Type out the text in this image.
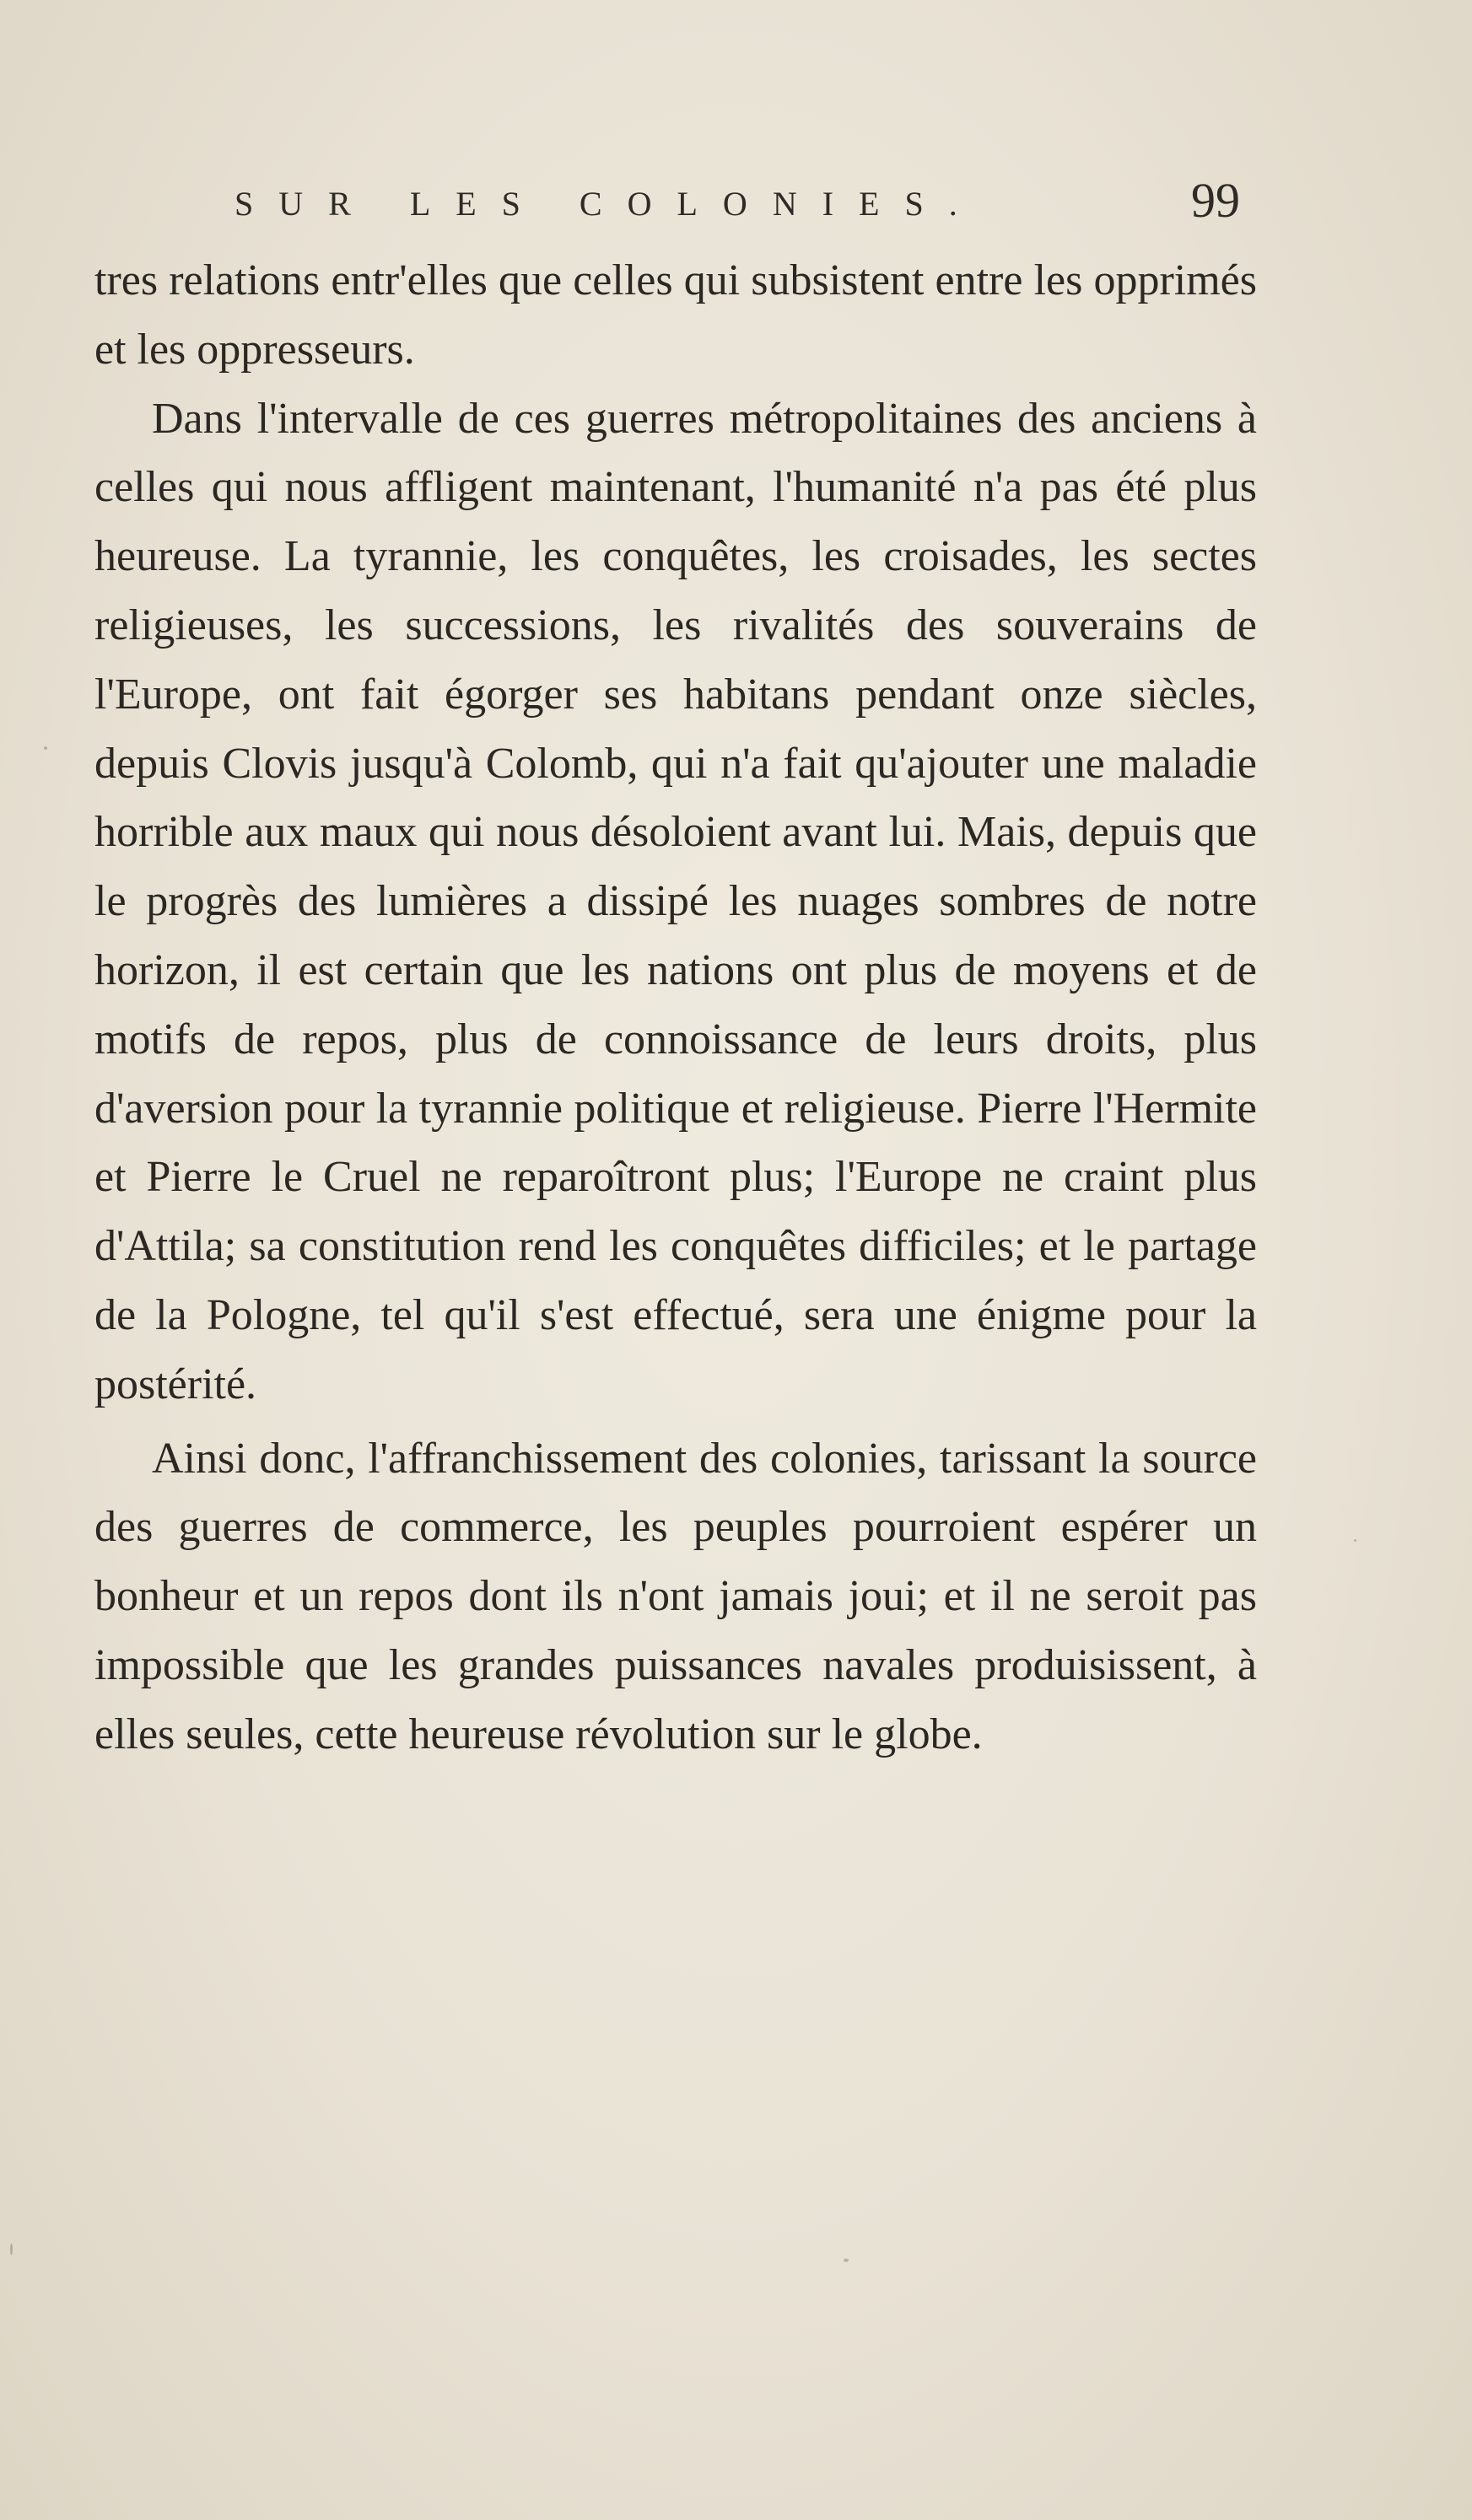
SUR LES COLONIES.	99

tres relations entr'elles que celles qui subsistent entre les opprimés et les oppresseurs.

Dans l'intervalle de ces guerres métropolitaines des anciens à celles qui nous affligent maintenant, l'humanité n'a pas été plus heureuse. La tyrannie, les conquêtes, les croisades, les sectes religieuses, les successions, les rivalités des souverains de l'Europe, ont fait égorger ses habitans pendant onze siècles, depuis Clovis jusqu'à Colomb, qui n'a fait qu'ajouter une maladie horrible aux maux qui nous désoloient avant lui. Mais, depuis que le progrès des lumières a dissipé les nuages sombres de notre horizon, il est certain que les nations ont plus de moyens et de motifs de repos, plus de connoissance de leurs droits, plus d'aversion pour la tyrannie politique et religieuse. Pierre l'Hermite et Pierre le Cruel ne reparoîtront plus; l'Europe ne craint plus d'Attila; sa constitution rend les conquêtes difficiles; et le partage de la Pologne, tel qu'il s'est effectué, sera une énigme pour la postérité.

Ainsi donc, l'affranchissement des colonies, tarissant la source des guerres de commerce, les peuples pourroient espérer un bonheur et un repos dont ils n'ont jamais joui; et il ne seroit pas impossible que les grandes puissances navales produisissent, à elles seules, cette heureuse révolution sur le globe.
